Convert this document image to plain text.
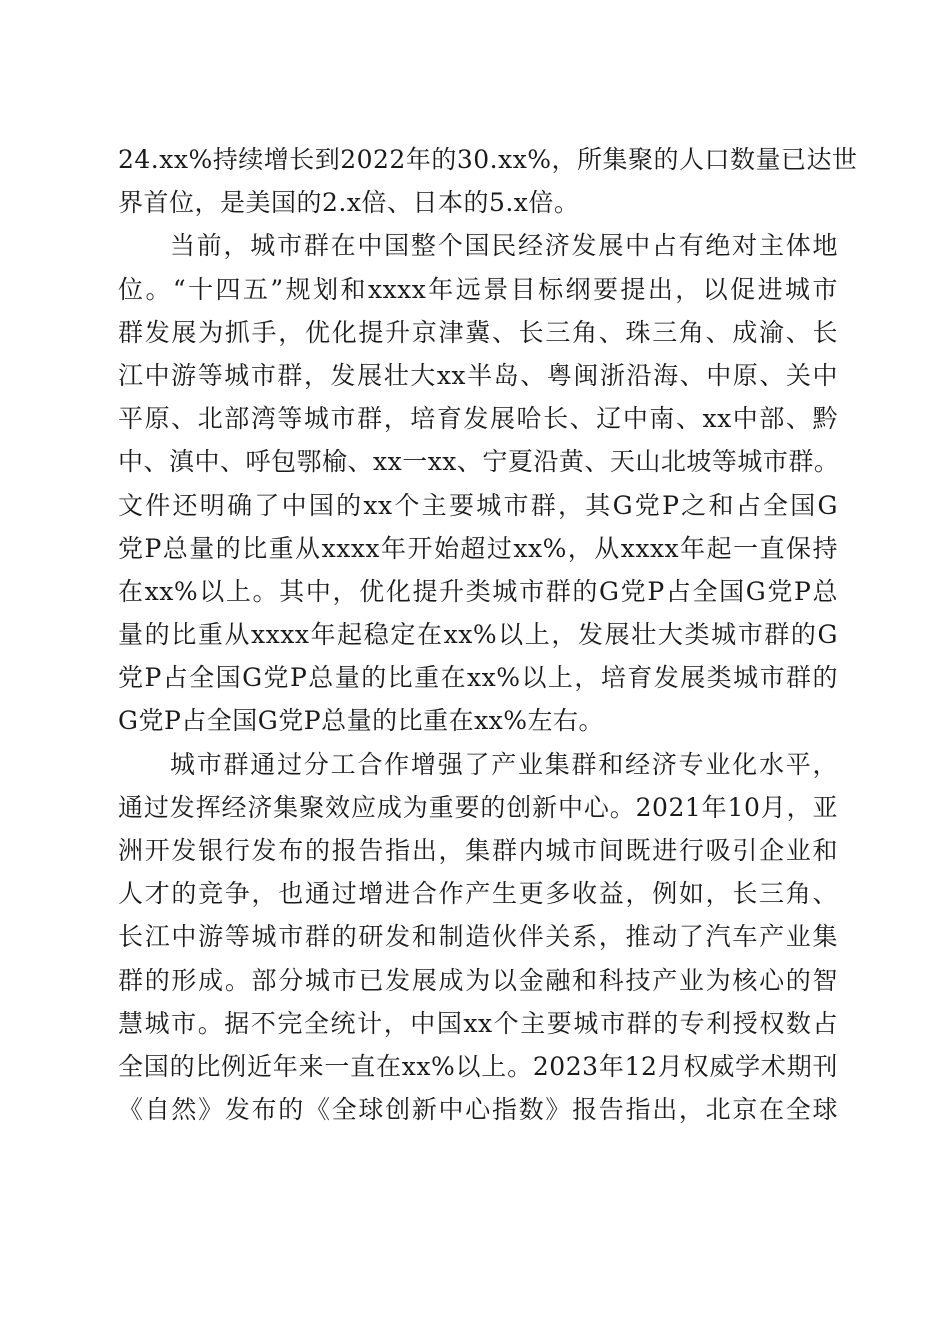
24.xx%持续增长到2022年的30.xx%，所集聚的人口数量已达世
界首位，是美国的2.x倍、日本的5.x倍。
当前，城市群在中国整个国民经济发展中占有绝对主体地
位。“十四五”规划和xxxx年远景目标纲要提出，以促进城市
群发展为抓手，优化提升京津冀、长三角、珠三角、成渝、长
江中游等城市群，发展壮大xx半岛、粤闽浙沿海、中原、关中
平原、北部湾等城市群，培育发展哈长、辽中南、xx中部、黔
中、滇中、呼包鄂榆、xx一xx、宁夏沿黄、天山北坡等城市群。
文件还明确了中国的xx个主要城市群，其G党P之和占全国G
党P总量的比重从xxxx年开始超过xx%，从xxxx年起一直保持
在xx%以上。其中，优化提升类城市群的G党P占全国G党P总
量的比重从xxxx年起稳定在xx%以上，发展壮大类城市群的G
党P占全国G党P总量的比重在xx%以上，培育发展类城市群的
G党P占全国G党P总量的比重在xx%左右。
城市群通过分工合作增强了产业集群和经济专业化水平，
通过发挥经济集聚效应成为重要的创新中心。2021年10月，亚
洲开发银行发布的报告指出，集群内城市间既进行吸引企业和
人才的竞争，也通过增进合作产生更多收益，例如，长三角、
长江中游等城市群的研发和制造伙伴关系，推动了汽车产业集
群的形成。部分城市已发展成为以金融和科技产业为核心的智
慧城市。据不完全统计，中国xx个主要城市群的专利授权数占
全国的比例近年来一直在xx%以上。2023年12月权威学术期刊
《自然》发布的《全球创新中心指数》报告指出，北京在全球
